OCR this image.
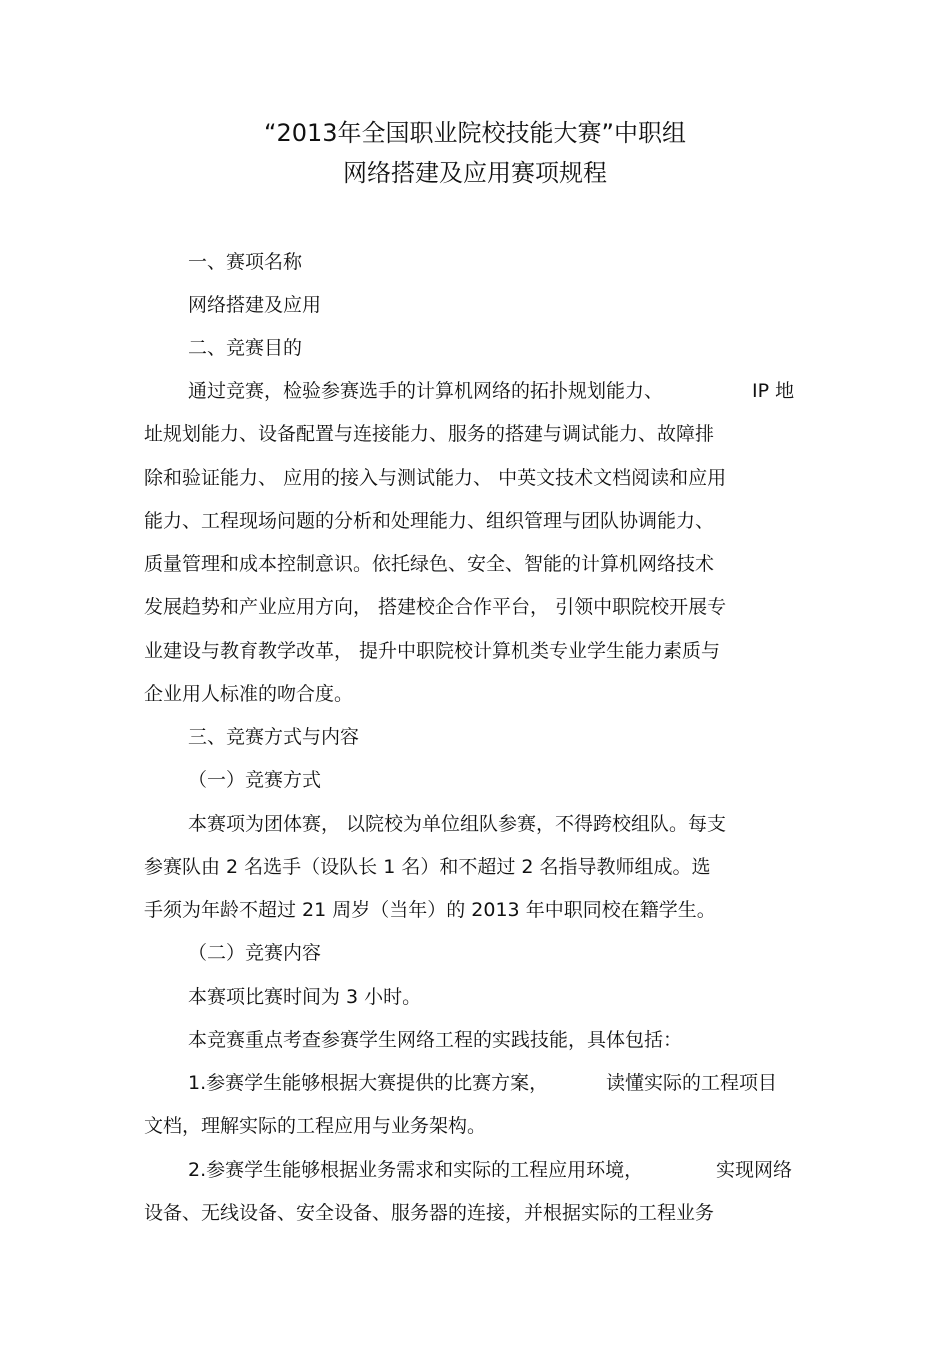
“2013年全国职业院校技能大赛”中职组
网络搭建及应用赛项规程
一、赛项名称
网络搭建及应用
二、竞赛目的
通过竞赛，检验参赛选手的计算机网络的拓扑规划能力、	IP 地
址规划能力、设备配置与连接能力、服务的搭建与调试能力、故障排
除和验证能力、 应用的接入与测试能力、 中英文技术文档阅读和应用
能力、工程现场问题的分析和处理能力、组织管理与团队协调能力、
质量管理和成本控制意识。依托绿色、安全、智能的计算机网络技术
发展趋势和产业应用方向， 搭建校企合作平台， 引领中职院校开展专
业建设与教育教学改革， 提升中职院校计算机类专业学生能力素质与
企业用人标准的吻合度。
三、竞赛方式与内容
（一）竞赛方式
本赛项为团体赛， 以院校为单位组队参赛，不得跨校组队。每支
参赛队由 2 名选手（设队长 1 名）和不超过 2 名指导教师组成。选
手须为年龄不超过 21 周岁（当年）的 2013 年中职同校在籍学生。
（二）竞赛内容
本赛项比赛时间为 3 小时。
本竞赛重点考查参赛学生网络工程的实践技能，具体包括：
1.参赛学生能够根据大赛提供的比赛方案，	读懂实际的工程项目
文档，理解实际的工程应用与业务架构。
2.参赛学生能够根据业务需求和实际的工程应用环境，	实现网络
设备、无线设备、安全设备、服务器的连接，并根据实际的工程业务
